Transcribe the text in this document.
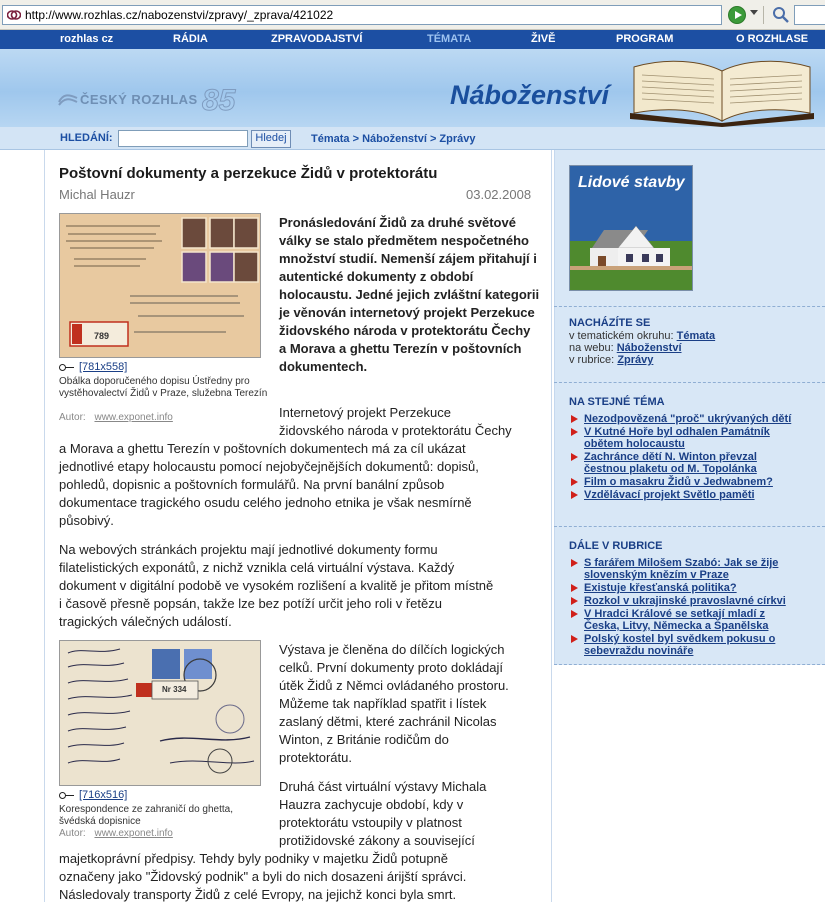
http://www.rozhlas.cz/nabozenstvi/zpravy/_zprava/421022
rozhlas cz	RÁDIA	ZPRAVODAJSTVÍ	TÉMATA	ŽIVĚ	PROGRAM	O ROZHLASE
ČESKÝ ROZHLAS 85	Náboženství
HLEDÁNÍ:	Hledej	Témata > Náboženství > Zprávy
Poštovní dokumenty a perzekuce Židů v protektorátu
Michal Hauzr	03.02.2008
789
[781x558]
Obálka doporučeného dopisu Ústředny pro vystěhovalectví Židů v Praze, služebna Terezín
Autor: www.exponet.info
Pronásledování Židů za druhé světové války se stalo předmětem nespočetného množství studií. Nemenší zájem přitahují i autentické dokumenty z období holocaustu. Jedné jejich zvláštní kategorii je věnován internetový projekt Perzekuce židovského národa v protektorátu Čechy a Morava a ghettu Terezín v poštovních dokumentech.
Internetový projekt Perzekuce
židovského národa v protektorátu Čechy
a Morava a ghettu Terezín v poštovních dokumentech má za cíl ukázat
jednotlivé etapy holocaustu pomocí nejobyčejnějších dokumentů: dopisů,
pohledů, dopisnic a poštovních formulářů. Na první banální způsob
dokumentace tragického osudu celého jednoho etnika je však nesmírně
působivý.
Na webových stránkách projektu mají jednotlivé dokumenty formu
filatelistických exponátů, z nichž vznikla celá virtuální výstava. Každý
dokument v digitální podobě ve vysokém rozlišení a kvalitě je přitom místně
i časově přesně popsán, takže lze bez potíží určit jeho roli v řetězu
tragických válečných událostí.
Nr 334
[716x516]
Korespondence ze zahraničí do ghetta, švédská dopisnice
Autor: www.exponet.info
Výstava je členěna do dílčích logických
celků. První dokumenty proto dokládají
útěk Židů z Němci ovládaného prostoru.
Můžeme tak například spatřit i lístek
zaslaný dětmi, které zachránil Nicolas
Winton, z Británie rodičům do
protektorátu.
Druhá část virtuální výstavy Michala
Hauzra zachycuje období, kdy v
protektorátu vstoupily v platnost
protižidovské zákony a související
majetkoprávní předpisy. Tehdy byly podniky v majetku Židů potupně
označeny jako "Židovský podnik" a byli do nich dosazeni árijští správci.
Následovaly transporty Židů z celé Evropy, na jejichž konci byla smrt.
Lidové stavby
NACHÁZÍTE SE
v tematickém okruhu: Témata
na webu: Náboženství
v rubrice: Zprávy
NA STEJNÉ TÉMA
Nezodpovězená "proč" ukrývaných dětí
V Kutné Hoře byl odhalen Památník obětem holocaustu
Zachránce dětí N. Winton převzal čestnou plaketu od M. Topolánka
Film o masakru Židů v Jedwabnem?
Vzdělávací projekt Světlo paměti
DÁLE V RUBRICE
S farářem Milošem Szabó: Jak se žije slovenským knězím v Praze
Existuje křesťanská politika?
Rozkol v ukrajinské pravoslavné církvi
V Hradci Králové se setkají mladí z Česka, Litvy, Německa a Španělska
Polský kostel byl svědkem pokusu o sebevraždu novináře
